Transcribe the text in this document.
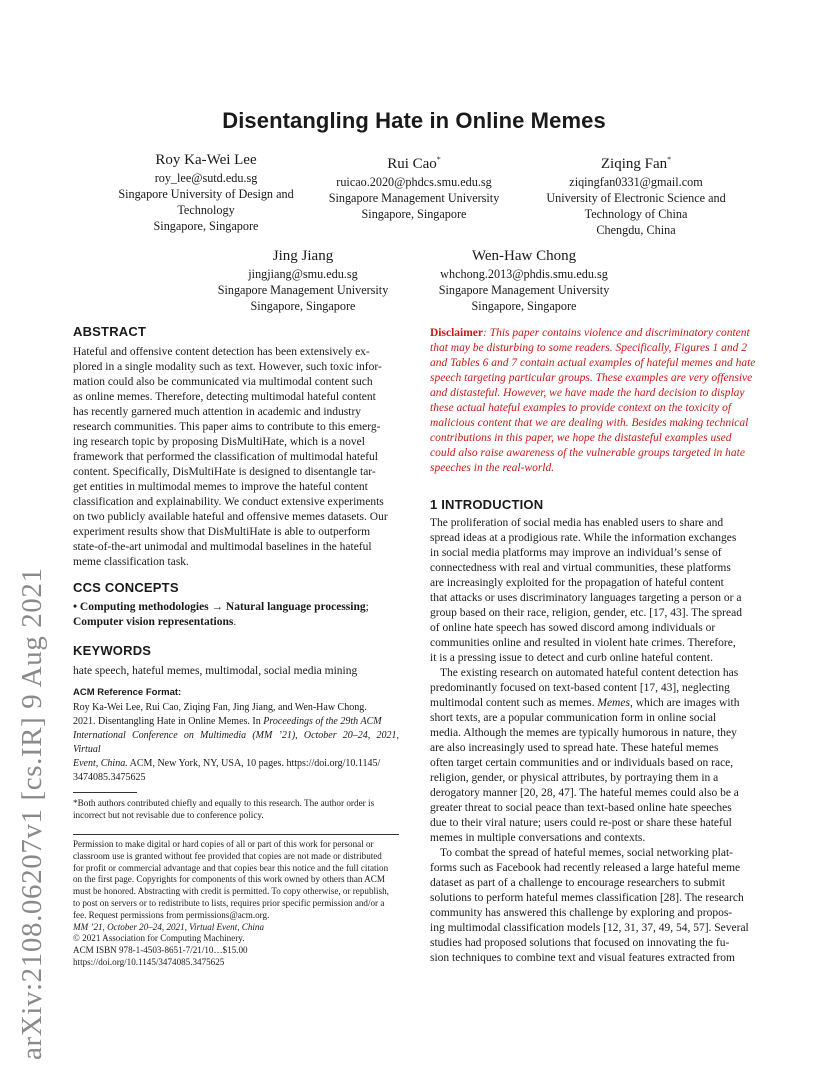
arXiv:2108.06207v1 [cs.IR] 9 Aug 2021
Disentangling Hate in Online Memes
Roy Ka-Wei Lee
roy_lee@sutd.edu.sg
Singapore University of Design and
Technology
Singapore, Singapore
Rui Cao*
ruicao.2020@phdcs.smu.edu.sg
Singapore Management University
Singapore, Singapore
Ziqing Fan*
ziqingfan0331@gmail.com
University of Electronic Science and
Technology of China
Chengdu, China
Jing Jiang
jingjiang@smu.edu.sg
Singapore Management University
Singapore, Singapore
Wen-Haw Chong
whchong.2013@phdis.smu.edu.sg
Singapore Management University
Singapore, Singapore
ABSTRACT

Hateful and offensive content detection has been extensively ex-

plored in a single modality such as text. However, such toxic infor-

mation could also be communicated via multimodal content such

as online memes. Therefore, detecting multimodal hateful content

has recently garnered much attention in academic and industry

research communities. This paper aims to contribute to this emerg-

ing research topic by proposing DisMultiHate, which is a novel

framework that performed the classification of multimodal hateful

content. Specifically, DisMultiHate is designed to disentangle tar-

get entities in multimodal memes to improve the hateful content

classification and explainability. We conduct extensive experiments

on two publicly available hateful and offensive memes datasets. Our

experiment results show that DisMultiHate is able to outperform

state-of-the-art unimodal and multimodal baselines in the hateful

meme classification task.

CCS CONCEPTS
• Computing methodologies → Natural language processing;
Computer vision representations.
KEYWORDS
hate speech, hateful memes, multimodal, social media mining
ACM Reference Format:
Roy Ka-Wei Lee, Rui Cao, Ziqing Fan, Jing Jiang, and Wen-Haw Chong.
2021. Disentangling Hate in Online Memes. In Proceedings of the 29th ACM
International Conference on Multimedia (MM ’21), October 20–24, 2021, Virtual
Event, China. ACM, New York, NY, USA, 10 pages. https://doi.org/10.1145/
3474085.3475625
*Both authors contributed chiefly and equally to this research. The author order is
incorrect but not revisable due to conference policy.
Permission to make digital or hard copies of all or part of this work for personal or
classroom use is granted without fee provided that copies are not made or distributed
for profit or commercial advantage and that copies bear this notice and the full citation
on the first page. Copyrights for components of this work owned by others than ACM
must be honored. Abstracting with credit is permitted. To copy otherwise, or republish,
to post on servers or to redistribute to lists, requires prior specific permission and/or a
fee. Request permissions from permissions@acm.org.
MM ’21, October 20–24, 2021, Virtual Event, China
© 2021 Association for Computing Machinery.
ACM ISBN 978-1-4503-8651-7/21/10…$15.00
https://doi.org/10.1145/3474085.3475625

Disclaimer: This paper contains violence and discriminatory content

that may be disturbing to some readers. Specifically, Figures 1 and 2

and Tables 6 and 7 contain actual examples of hateful memes and hate

speech targeting particular groups. These examples are very offensive

and distasteful. However, we have made the hard decision to display

these actual hateful examples to provide context on the toxicity of

malicious content that we are dealing with. Besides making technical

contributions in this paper, we hope the distasteful examples used

could also raise awareness of the vulnerable groups targeted in hate

speeches in the real-world.

1 INTRODUCTION

The proliferation of social media has enabled users to share and

spread ideas at a prodigious rate. While the information exchanges

in social media platforms may improve an individual’s sense of

connectedness with real and virtual communities, these platforms

are increasingly exploited for the propagation of hateful content

that attacks or uses discriminatory languages targeting a person or a

group based on their race, religion, gender, etc. [17, 43]. The spread

of online hate speech has sowed discord among individuals or

communities online and resulted in violent hate crimes. Therefore,

it is a pressing issue to detect and curb online hateful content.

The existing research on automated hateful content detection has

predominantly focused on text-based content [17, 43], neglecting

multimodal content such as memes. Memes, which are images with

short texts, are a popular communication form in online social

media. Although the memes are typically humorous in nature, they

are also increasingly used to spread hate. These hateful memes

often target certain communities and or individuals based on race,

religion, gender, or physical attributes, by portraying them in a

derogatory manner [20, 28, 47]. The hateful memes could also be a

greater threat to social peace than text-based online hate speeches

due to their viral nature; users could re-post or share these hateful

memes in multiple conversations and contexts.

To combat the spread of hateful memes, social networking plat-

forms such as Facebook had recently released a large hateful meme

dataset as part of a challenge to encourage researchers to submit

solutions to perform hateful memes classification [28]. The research

community has answered this challenge by exploring and propos-

ing multimodal classification models [12, 31, 37, 49, 54, 57]. Several

studies had proposed solutions that focused on innovating the fu-

sion techniques to combine text and visual features extracted from
